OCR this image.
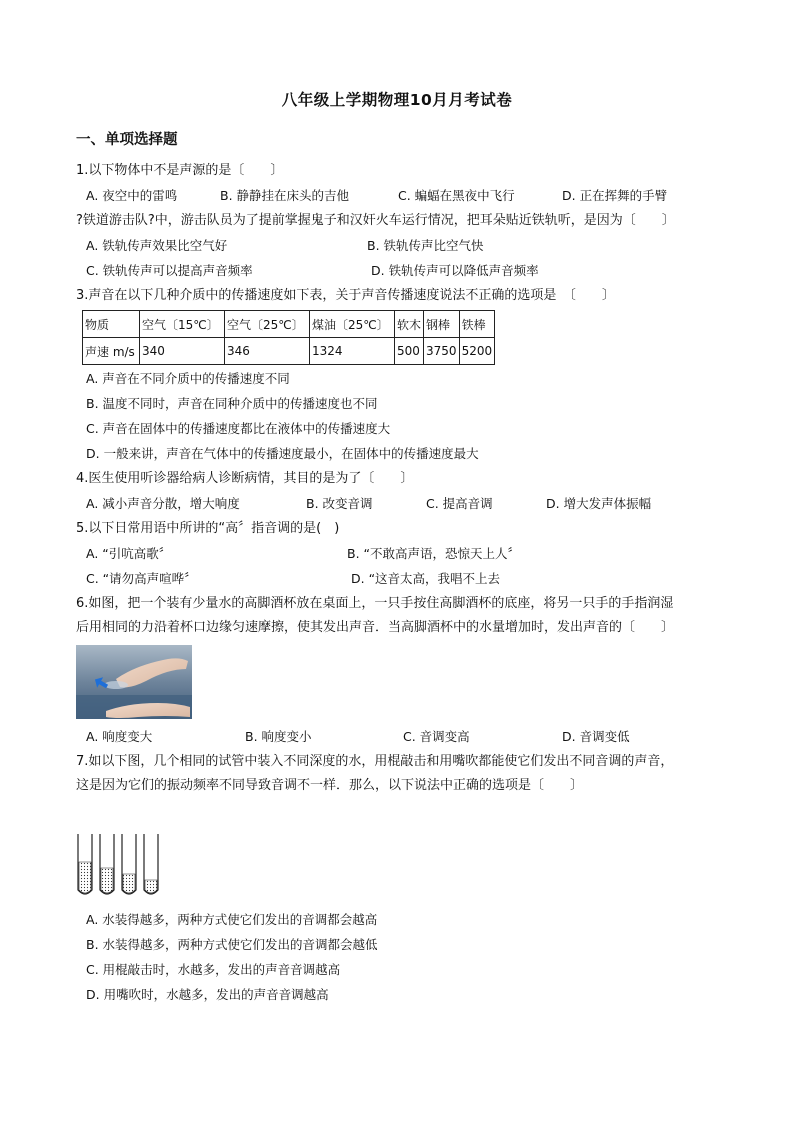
八年级上学期物理10月月考试卷
一、单项选择题
1.以下物体中不是声源的是〔　　〕
A. 夜空中的雷鸣	B. 静静挂在床头的吉他	C. 蝙蝠在黑夜中飞行	D. 正在挥舞的手臂
?铁道游击队?中，游击队员为了提前掌握鬼子和汉奸火车运行情况，把耳朵贴近铁轨听，是因为〔　　〕
A. 铁轨传声效果比空气好	B. 铁轨传声比空气快
C. 铁轨传声可以提高声音频率	D. 铁轨传声可以降低声音频率
3.声音在以下几种介质中的传播速度如下表，关于声音传播速度说法不正确的选项是　〔　　〕
物质	空气〔15℃〕	空气〔25℃〕	煤油〔25℃〕	软木	钢棒	铁棒
声速 m/s	340	346	1324	500	3750	5200
A. 声音在不同介质中的传播速度不同
B. 温度不同时，声音在同种介质中的传播速度也不同
C. 声音在固体中的传播速度都比在液体中的传播速度大
D. 一般来讲，声音在气体中的传播速度最小，在固体中的传播速度最大
4.医生使用听诊器给病人诊断病情，其目的是为了〔　　〕
A. 减小声音分散，增大响度	B. 改变音调	C. 提高音调	D. 增大发声体振幅
5.以下日常用语中所讲的“高〞指音调的是(　)
A. “引吭高歌〞	B. “不敢高声语，恐惊天上人〞
C. “请勿高声喧哗〞	D. “这音太高，我唱不上去
6.如图，把一个装有少量水的高脚酒杯放在桌面上，一只手按住高脚酒杯的底座，将另一只手的手指润湿
后用相同的力沿着杯口边缘匀速摩擦，使其发出声音．当高脚酒杯中的水量增加时，发出声音的〔　　〕
A. 响度变大	B. 响度变小	C. 音调变高	D. 音调变低
7.如以下图，几个相同的试管中装入不同深度的水，用棍敲击和用嘴吹都能使它们发出不同音调的声音，
这是因为它们的振动频率不同导致音调不一样．那么，以下说法中正确的选项是〔　　〕
A. 水装得越多，两种方式使它们发出的音调都会越高
B. 水装得越多，两种方式使它们发出的音调都会越低
C. 用棍敲击时，水越多，发出的声音音调越高
D. 用嘴吹时，水越多，发出的声音音调越高
